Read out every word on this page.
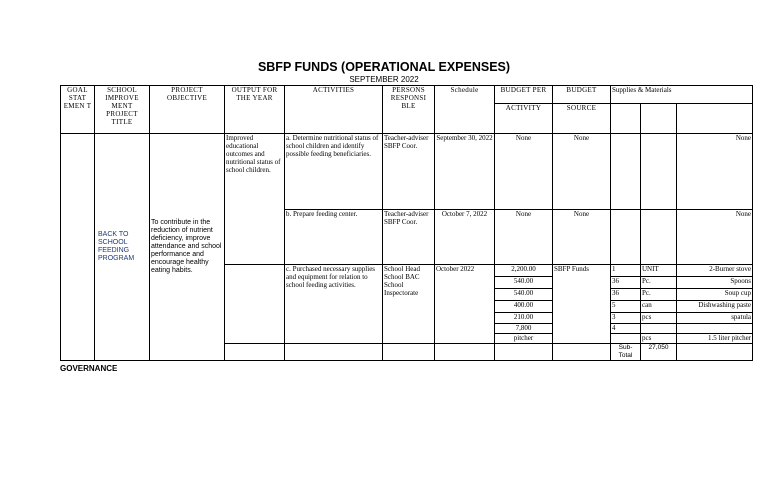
SBFP FUNDS (OPERATIONAL EXPENSES)
SEPTEMBER 2022
GOAL STAT EMEN T	SCHOOL IMPROVE MENT PROJECT TITLE	PROJECT OBJECTIVE	OUTPUT FOR THE YEAR	ACTIVITIES	PERSONS RESPONSI BLE	Schedule	BUDGET PER	BUDGET	Supplies & Materials			
							ACTIVITY	SOURCE				
	BACK TO SCHOOL FEEDING PROGRAM	To contribute in the reduction of nutrient deficiency, improve attendance and school performance and encourage healthy eating habits.	Improved educational outcomes and nutritional status of school children.	a. Determine nutritional status of school children and identify possible feeding beneficiaries.	Teacher-adviser SBFP Coor.	September 30, 2022	None	None			None	
				b. Prepare feeding center.	Teacher-adviser SBFP Coor.	October 7, 2022	None	None			None	
				c. Purchased necessary supplies and equipment for relation to school feeding activities.	School Head School BAC School Inspectorate	October 2022	2,200.00	SBFP Funds	1	UNIT	2-Burner stove	
							540.00		36	Pc.	Spoons	
							540.00		36	Pc.	Soup cup	
							400.00		5	can	Dishwashing paste	
							210.00		3	pcs	spatula	
							7,800		4			
							pitcher			pcs	1.5 liter pitcher	
									Sub-Total	27,050				
GOVERNANCE
